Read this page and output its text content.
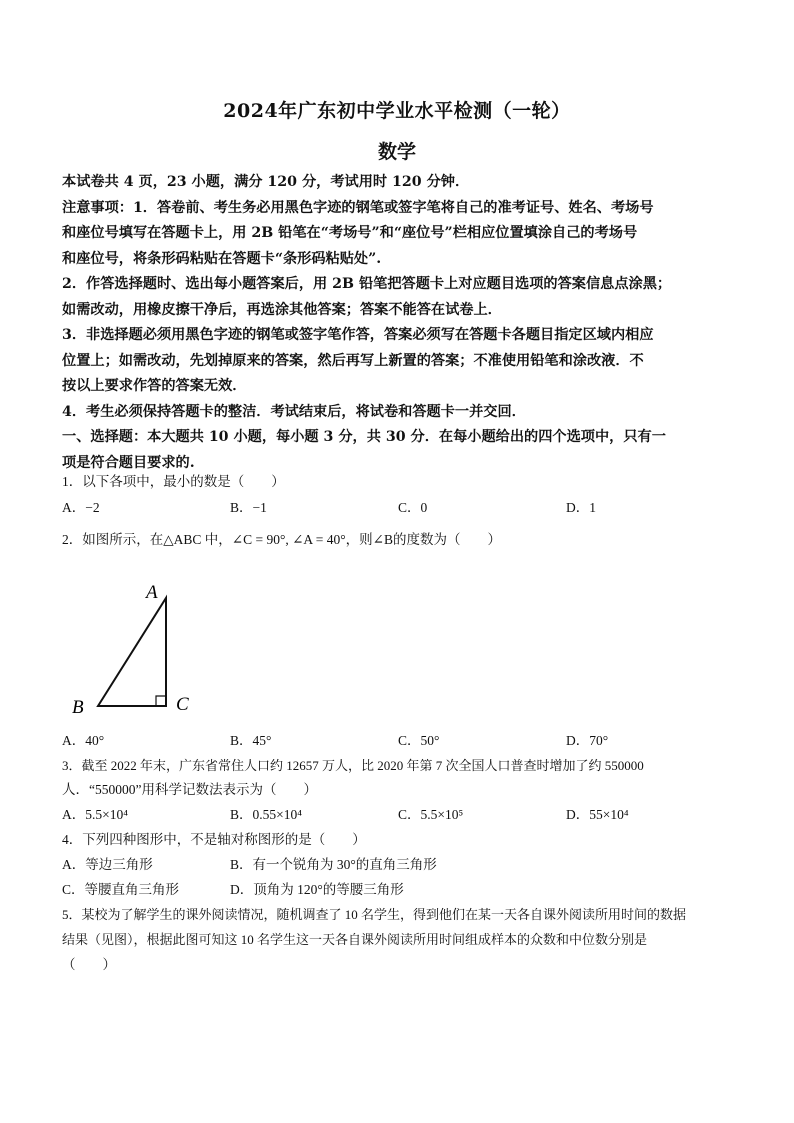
2024年广东初中学业水平检测（一轮）
数学
本试卷共 4 页，23 小题，满分 120 分，考试用时 120 分钟．
注意事项：1．答卷前、考生务必用黑色字迹的钢笔或签字笔将自己的准考证号、姓名、考场号
和座位号填写在答题卡上，用 2B 铅笔在“考场号”和“座位号”栏相应位置填涂自己的考场号
和座位号，将条形码粘贴在答题卡“条形码粘贴处”.
2．作答选择题时、选出每小题答案后，用 2B 铅笔把答题卡上对应题目选项的答案信息点涂黑；
如需改动，用橡皮擦干净后，再选涂其他答案；答案不能答在试卷上．
3．非选择题必须用黑色字迹的钢笔或签字笔作答，答案必须写在答题卡各题目指定区域内相应
位置上；如需改动，先划掉原来的答案，然后再写上新置的答案；不准使用铅笔和涂改液．不
按以上要求作答的答案无效．
4．考生必须保持答题卡的整洁．考试结束后，将试卷和答题卡一并交回．
一、选择题：本大题共 10 小题，每小题 3 分，共 30 分．在每小题给出的四个选项中，只有一
项是符合题目要求的.
1．以下各项中，最小的数是（　　）
A．−2	B．−1	C．0	D．1
2．如图所示，在△ABC 中，∠C = 90°, ∠A = 40°，则∠B的度数为（　　）
A
B	C
A．40°	B．45°	C．50°	D．70°
3．截至 2022 年末，广东省常住人口约 12657 万人，比 2020 年第 7 次全国人口普查时增加了约 550000
人．“550000”用科学记数法表示为（　　）
A．5.5×10⁴	B．0.55×10⁴	C．5.5×10⁵	D．55×10⁴
4．下列四种图形中，不是轴对称图形的是（　　）
A．等边三角形	B．有一个锐角为 30°的直角三角形
C．等腰直角三角形	D．顶角为 120°的等腰三角形
5．某校为了解学生的课外阅读情况，随机调查了 10 名学生，得到他们在某一天各自课外阅读所用时间的数据
结果（见图），根据此图可知这 10 名学生这一天各自课外阅读所用时间组成样本的众数和中位数分别是
（　　）
